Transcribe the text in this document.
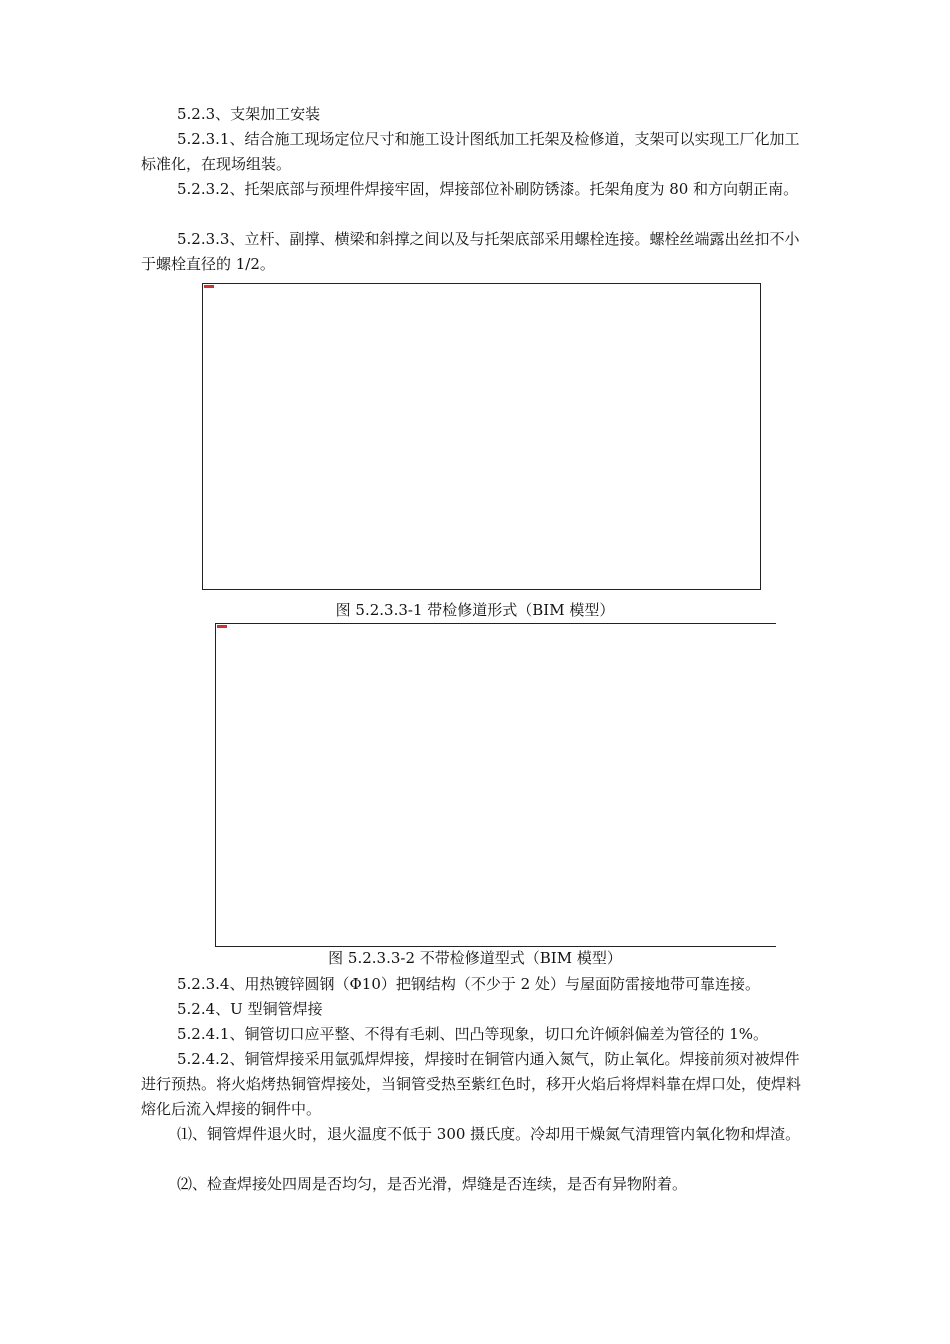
5.2.3、支架加工安装

5.2.3.1、结合施工现场定位尺寸和施工设计图纸加工托架及检修道，支架可以实现工厂化加工标准化，在现场组装。

5.2.3.2、托架底部与预埋件焊接牢固，焊接部位补刷防锈漆。托架角度为 80 和方向朝正南。

5.2.3.3、立杆、副撑、横梁和斜撑之间以及与托架底部采用螺栓连接。螺栓丝端露出丝扣不小于螺栓直径的 1/2。

图 5.2.3.3-1 带检修道形式（BIM 模型）
图 5.2.3.3-2 不带检修道型式（BIM 模型）

5.2.3.4、用热镀锌圆钢（Φ10）把钢结构（不少于 2 处）与屋面防雷接地带可靠连接。

5.2.4、U 型铜管焊接

5.2.4.1、铜管切口应平整、不得有毛刺、凹凸等现象，切口允许倾斜偏差为管径的 1%。

5.2.4.2、铜管焊接采用氩弧焊焊接，焊接时在铜管内通入氮气，防止氧化。焊接前须对被焊件进行预热。将火焰烤热铜管焊接处，当铜管受热至紫红色时，移开火焰后将焊料靠在焊口处，使焊料熔化后流入焊接的铜件中。

⑴、铜管焊件退火时，退火温度不低于 300 摄氏度。冷却用干燥氮气清理管内氧化物和焊渣。

⑵、检查焊接处四周是否均匀，是否光滑，焊缝是否连续，是否有异物附着。
